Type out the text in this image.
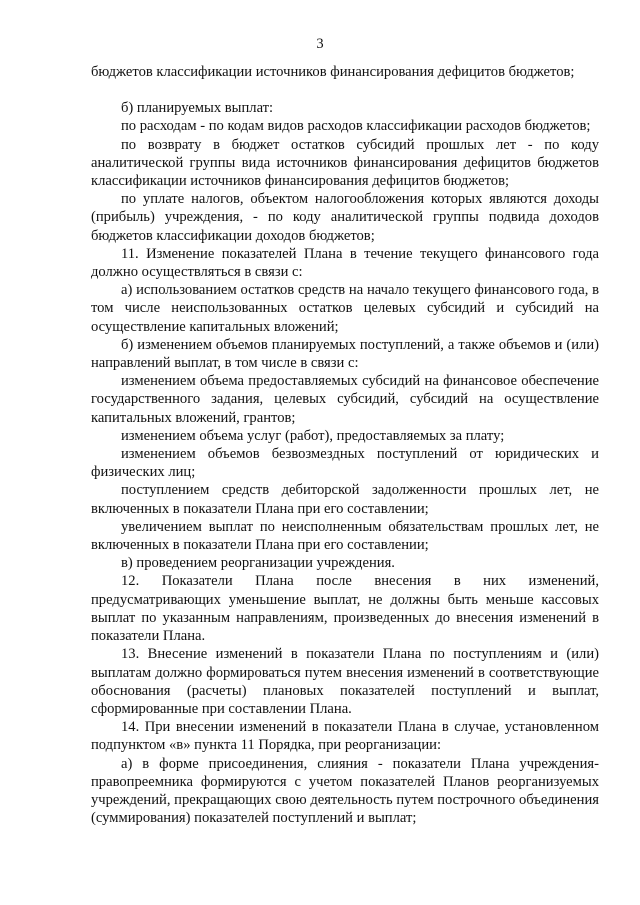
3

бюджетов классификации источников финансирования дефицитов бюджетов;

б) планируемых выплат:

по расходам - по кодам видов расходов классификации расходов бюджетов;

по возврату в бюджет остатков субсидий прошлых лет - по коду аналитической группы вида источников финансирования дефицитов бюджетов классификации источников финансирования дефицитов бюджетов;

по уплате налогов, объектом налогообложения которых являются доходы (прибыль) учреждения, - по коду аналитической группы подвида доходов бюджетов классификации доходов бюджетов;

11. Изменение показателей Плана в течение текущего финансового года должно осуществляться в связи с:

а) использованием остатков средств на начало текущего финансового года, в том числе неиспользованных остатков целевых субсидий и субсидий на осуществление капитальных вложений;

б) изменением объемов планируемых поступлений, а также объемов и (или) направлений выплат, в том числе в связи с:

изменением объема предоставляемых субсидий на финансовое обеспечение государственного задания, целевых субсидий, субсидий на осуществление капитальных вложений, грантов;

изменением объема услуг (работ), предоставляемых за плату;

изменением объемов безвозмездных поступлений от юридических и физических лиц;

поступлением средств дебиторской задолженности прошлых лет, не включенных в показатели Плана при его составлении;

увеличением выплат по неисполненным обязательствам прошлых лет, не включенных в показатели Плана при его составлении;

в) проведением реорганизации учреждения.

12. Показатели Плана после внесения в них изменений, предусматривающих уменьшение выплат, не должны быть меньше кассовых выплат по указанным направлениям, произведенных до внесения изменений в показатели Плана.

13. Внесение изменений в показатели Плана по поступлениям и (или) выплатам должно формироваться путем внесения изменений в соответствующие обоснования (расчеты) плановых показателей поступлений и выплат, сформированные при составлении Плана.

14. При внесении изменений в показатели Плана в случае, установленном подпунктом «в» пункта 11 Порядка, при реорганизации:

а) в форме присоединения, слияния - показатели Плана учреждения-правопреемника формируются с учетом показателей Планов реорганизуемых учреждений, прекращающих свою деятельность путем построчного объединения (суммирования) показателей поступлений и выплат;
